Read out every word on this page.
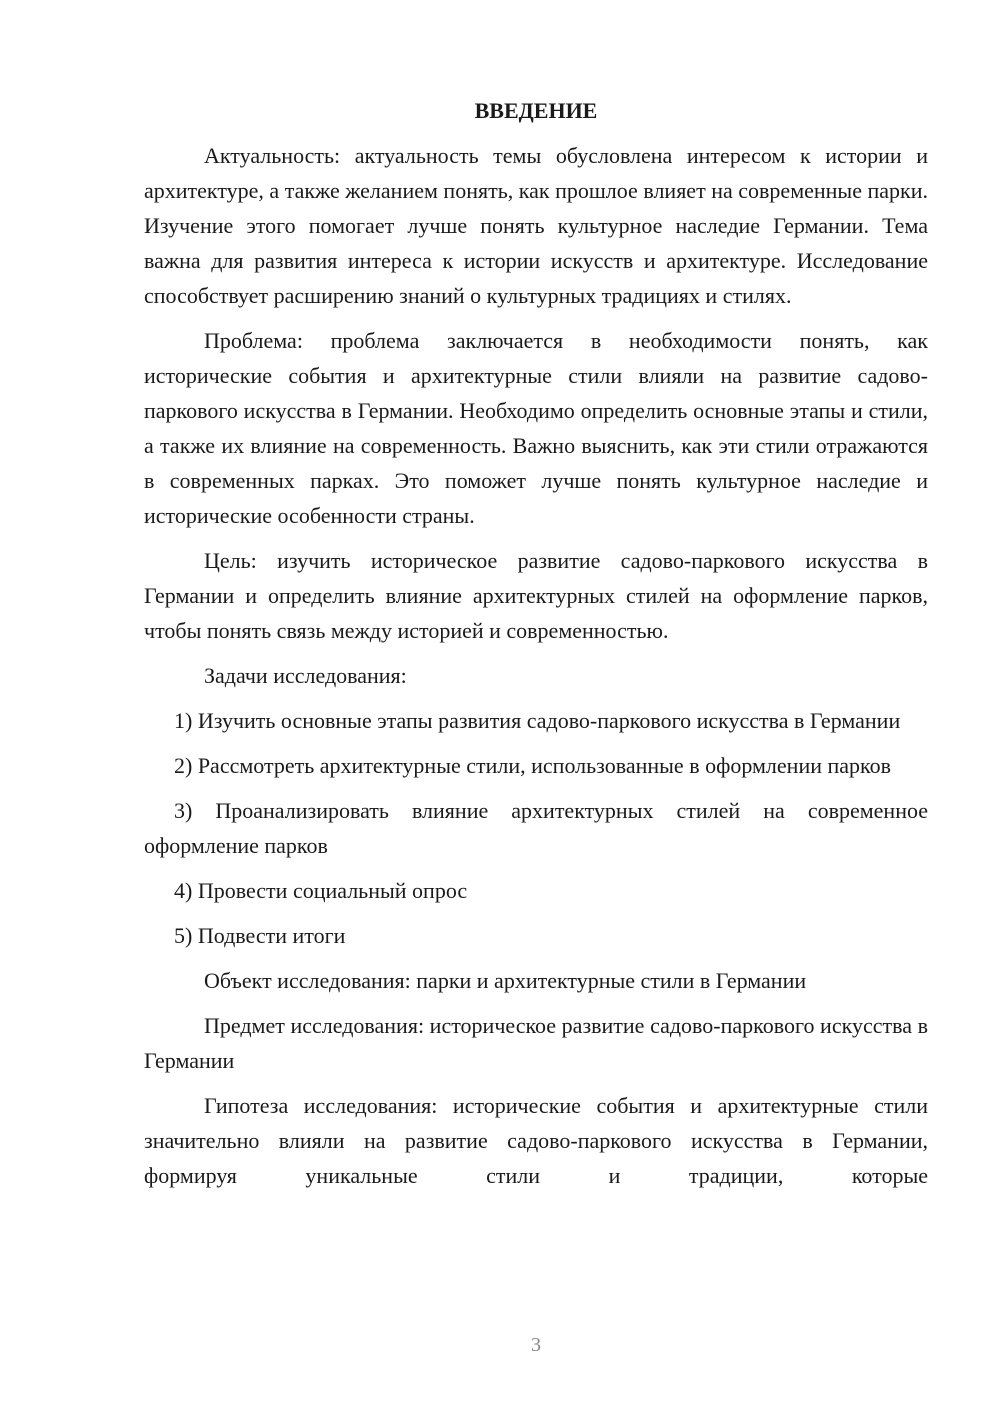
ВВЕДЕНИЕ

Актуальность: актуальность темы обусловлена интересом к истории и архитектуре, а также желанием понять, как прошлое влияет на современные парки. Изучение этого помогает лучше понять культурное наследие Германии. Тема важна для развития интереса к истории искусств и архитектуре. Исследование способствует расширению знаний о культурных традициях и стилях.

Проблема: проблема заключается в необходимости понять, как исторические события и архитектурные стили влияли на развитие садово-паркового искусства в Германии. Необходимо определить основные этапы и стили, а также их влияние на современность. Важно выяснить, как эти стили отражаются в современных парках. Это поможет лучше понять культурное наследие и исторические особенности страны.

Цель: изучить историческое развитие садово-паркового искусства в Германии и определить влияние архитектурных стилей на оформление парков, чтобы понять связь между историей и современностью.

Задачи исследования:

1) Изучить основные этапы развития садово-паркового искусства в Германии

2) Рассмотреть архитектурные стили, использованные в оформлении парков

3) Проанализировать влияние архитектурных стилей на современное оформление парков

4) Провести социальный опрос

5) Подвести итоги

Объект исследования: парки и архитектурные стили в Германии

Предмет исследования: историческое развитие садово-паркового искусства в Германии

Гипотеза исследования: исторические события и архитектурные стили значительно влияли на развитие садово-паркового искусства в Германии, формируя уникальные стили и традиции, которые

3
